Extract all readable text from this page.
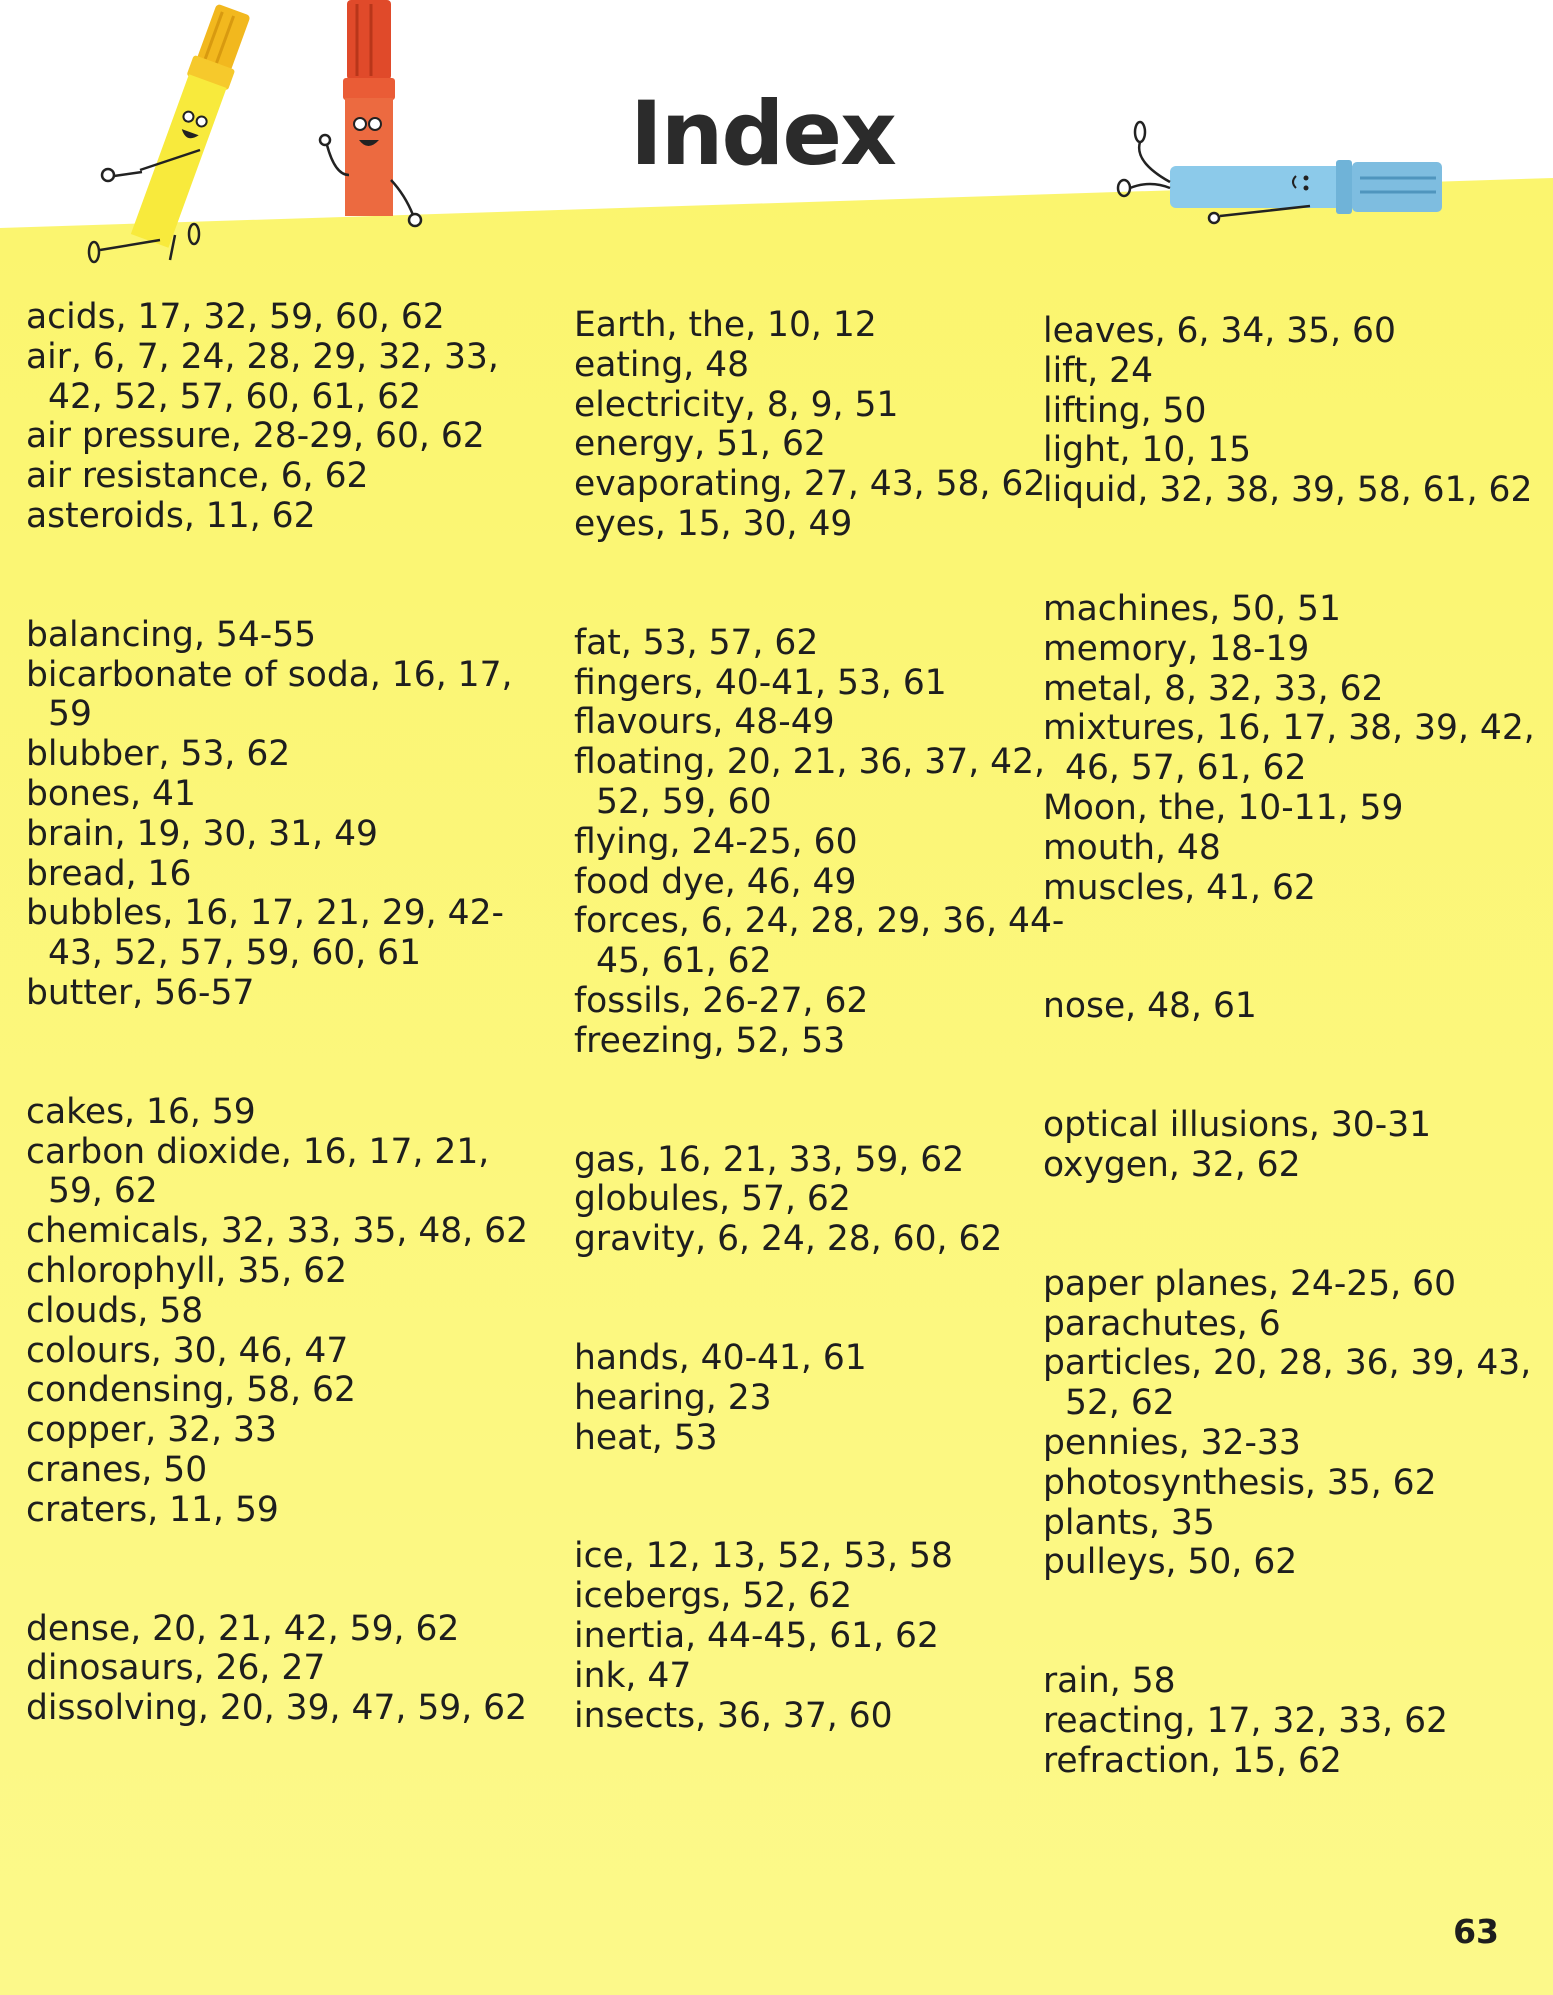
Index
acids, 17, 32, 59, 60, 62
air, 6, 7, 24, 28, 29, 32, 33, 42, 52, 57, 60, 61, 62
air pressure, 28-29, 60, 62
air resistance, 6, 62
asteroids, 11, 62
balancing, 54-55
bicarbonate of soda, 16, 17, 59
blubber, 53, 62
bones, 41
brain, 19, 30, 31, 49
bread, 16
bubbles, 16, 17, 21, 29, 42-43, 52, 57, 59, 60, 61
butter, 56-57
cakes, 16, 59
carbon dioxide, 16, 17, 21, 59, 62
chemicals, 32, 33, 35, 48, 62
chlorophyll, 35, 62
clouds, 58
colours, 30, 46, 47
condensing, 58, 62
copper, 32, 33
cranes, 50
craters, 11, 59
dense, 20, 21, 42, 59, 62
dinosaurs, 26, 27
dissolving, 20, 39, 47, 59, 62
Earth, the, 10, 12
eating, 48
electricity, 8, 9, 51
energy, 51, 62
evaporating, 27, 43, 58, 62
eyes, 15, 30, 49
fat, 53, 57, 62
fingers, 40-41, 53, 61
flavours, 48-49
floating, 20, 21, 36, 37, 42, 52, 59, 60
flying, 24-25, 60
food dye, 46, 49
forces, 6, 24, 28, 29, 36, 44-45, 61, 62
fossils, 26-27, 62
freezing, 52, 53
gas, 16, 21, 33, 59, 62
globules, 57, 62
gravity, 6, 24, 28, 60, 62
hands, 40-41, 61
hearing, 23
heat, 53
ice, 12, 13, 52, 53, 58
icebergs, 52, 62
inertia, 44-45, 61, 62
ink, 47
insects, 36, 37, 60
leaves, 6, 34, 35, 60
lift, 24
lifting, 50
light, 10, 15
liquid, 32, 38, 39, 58, 61, 62
machines, 50, 51
memory, 18-19
metal, 8, 32, 33, 62
mixtures, 16, 17, 38, 39, 42, 46, 57, 61, 62
Moon, the, 10-11, 59
mouth, 48
muscles, 41, 62
nose, 48, 61
optical illusions, 30-31
oxygen, 32, 62
paper planes, 24-25, 60
parachutes, 6
particles, 20, 28, 36, 39, 43, 52, 62
pennies, 32-33
photosynthesis, 35, 62
plants, 35
pulleys, 50, 62
rain, 58
reacting, 17, 32, 33, 62
refraction, 15, 62
63
